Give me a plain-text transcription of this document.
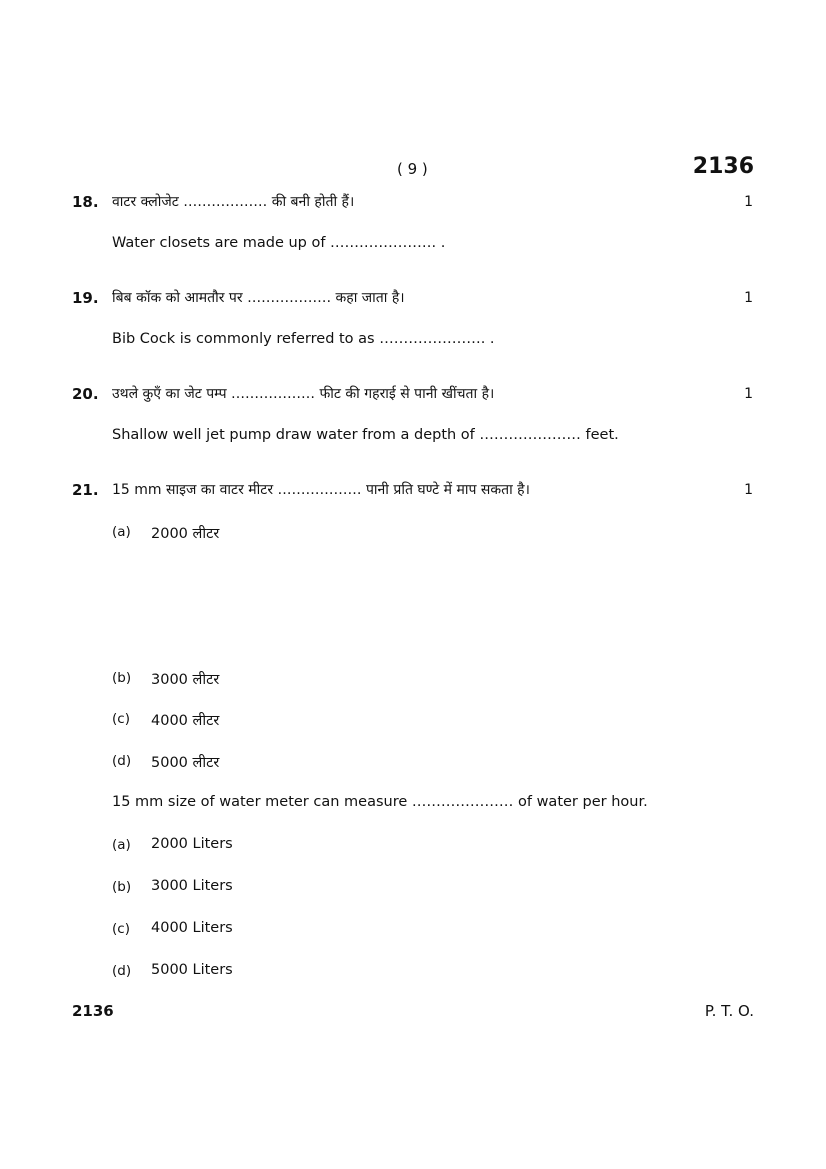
( 9 )	2136
18. वाटर क्लोजेट ……………… की बनी होती हैं।	1
Water closets are made up of …………………. .
19. बिब कॉक को आमतौर पर ……………… कहा जाता है।	1
Bib Cock is commonly referred to as …………………. .
20. उथले कुएँ का जेट पम्प ……………… फीट की गहराई से पानी खींचता है।	1
Shallow well jet pump draw water from a depth of ………………… feet.
21. 15 mm साइज का वाटर मीटर ……………… पानी प्रति घण्टे में माप सकता है।	1
(a) 2000 लीटर
(b) 3000 लीटर
(c) 4000 लीटर
(d) 5000 लीटर
15 mm size of water meter can measure ………………… of water per hour.
(a) 2000 Liters
(b) 3000 Liters
(c) 4000 Liters
(d) 5000 Liters
2136	P. T. O.
